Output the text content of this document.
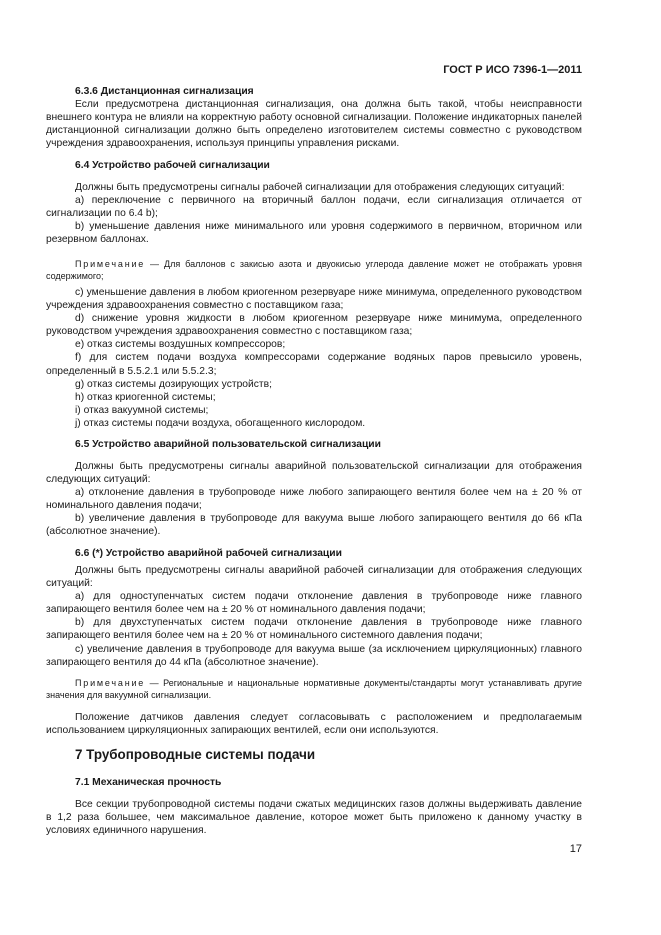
ГОСТ Р ИСО 7396-1—2011

6.3.6 Дистанционная сигнализация

Если предусмотрена дистанционная сигнализация, она должна быть такой, чтобы неисправности внешнего контура не влияли на корректную работу основной сигнализации. Положение индикаторных панелей дистанционной сигнализации должно быть определено изготовителем системы совместно с руководством учреждения здравоохранения, используя принципы управления рисками.

6.4 Устройство рабочей сигнализации

Должны быть предусмотрены сигналы рабочей сигнализации для отображения следующих ситуаций:

a) переключение с первичного на вторичный баллон подачи, если сигнализация отличается от сигнализации по 6.4 b);

b) уменьшение давления ниже минимального или уровня содержимого в первичном, вторичном или резервном баллонах.

Примечание — Для баллонов с закисью азота и двуокисью углерода давление может не отображать уровня содержимого;

c) уменьшение давления в любом криогенном резервуаре ниже минимума, определенного руководством учреждения здравоохранения совместно с поставщиком газа;

d) снижение уровня жидкости в любом криогенном резервуаре ниже минимума, определенного руководством учреждения здравоохранения совместно с поставщиком газа;

e) отказ системы воздушных компрессоров;

f) для систем подачи воздуха компрессорами содержание водяных паров превысило уровень, определенный в 5.5.2.1 или 5.5.2.3;

g) отказ системы дозирующих устройств;

h) отказ криогенной системы;

i) отказ вакуумной системы;

j) отказ системы подачи воздуха, обогащенного кислородом.

6.5 Устройство аварийной пользовательской сигнализации

Должны быть предусмотрены сигналы аварийной пользовательской сигнализации для отображения следующих ситуаций:

a) отклонение давления в трубопроводе ниже любого запирающего вентиля более чем на ± 20 % от номинального давления подачи;

b) увеличение давления в трубопроводе для вакуума выше любого запирающего вентиля до 66 кПа (абсолютное значение).

6.6 (*) Устройство аварийной рабочей сигнализации

Должны быть предусмотрены сигналы аварийной рабочей сигнализации для отображения следующих ситуаций:

a) для одноступенчатых систем подачи отклонение давления в трубопроводе ниже главного запирающего вентиля более чем на ± 20 % от номинального давления подачи;

b) для двухступенчатых систем подачи отклонение давления в трубопроводе ниже главного запирающего вентиля более чем на ± 20 % от номинального системного давления подачи;

c) увеличение давления в трубопроводе для вакуума выше (за исключением циркуляционных) главного запирающего вентиля до 44 кПа (абсолютное значение).

Примечание — Региональные и национальные нормативные документы/стандарты могут устанавливать другие значения для вакуумной сигнализации.

Положение датчиков давления следует согласовывать с расположением и предполагаемым использованием циркуляционных запирающих вентилей, если они используются.

7 Трубопроводные системы подачи

7.1 Механическая прочность

Все секции трубопроводной системы подачи сжатых медицинских газов должны выдерживать давление в 1,2 раза большее, чем максимальное давление, которое может быть приложено к данному участку в условиях единичного нарушения.

17
